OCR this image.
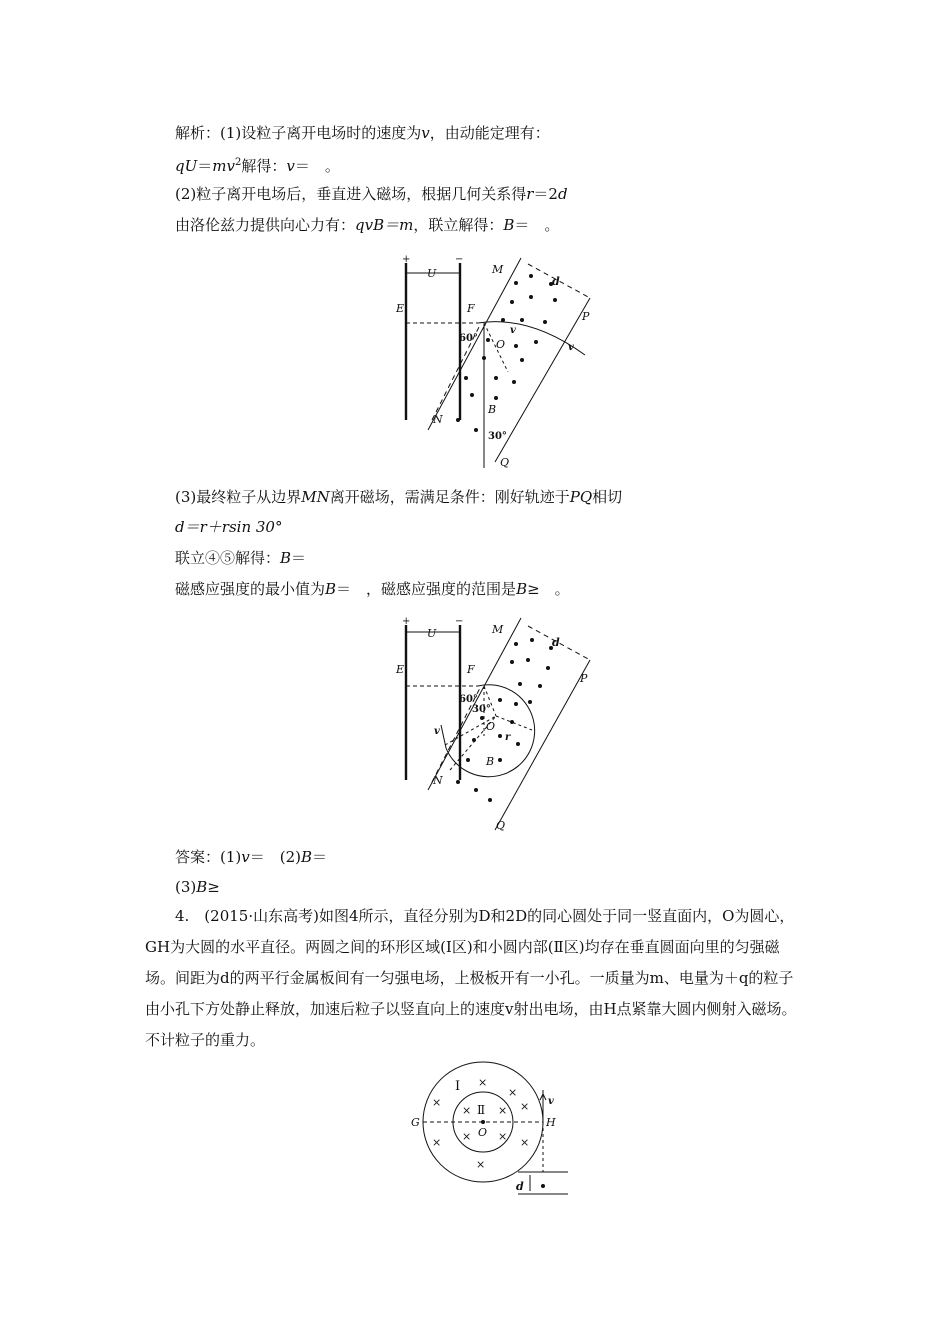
解析：(1)设粒子离开电场时的速度为v，由动能定理有：
$qU=mv^2$解得：v＝　。
(2)粒子离开电场后，垂直进入磁场，根据几何关系得r＝2d
由洛伦兹力提供向心力有：qvB＝m，联立解得：B＝　。
+	−
U	M
d
E	F
P
v
v
60° O
N
B
30°
Q
(3)最终粒子从边界MN离开磁场，需满足条件：刚好轨迹于PQ相切
d＝r＋rsin 30°
联立④⑤解得：B＝
磁感应强度的最小值为B＝　，磁感应强度的范围是B≥　。
+	−
U	M
d
E	F
P
60°
30°
O
r
v
N
B
Q
答案：(1)v＝　(2)B＝
(3)B≥
4.　(2015·山东高考)如图4所示，直径分别为D和2D的同心圆处于同一竖直面内，O为圆心，GH为大圆的水平直径。两圆之间的环形区域(Ⅰ区)和小圆内部(Ⅱ区)均存在垂直圆面向里的匀强磁场。间距为d的两平行金属板间有一匀强电场，上极板开有一小孔。一质量为m、电量为＋q的粒子由小孔下方处静止释放，加速后粒子以竖直向上的速度v射出电场，由H点紧靠大圆内侧射入磁场。不计粒子的重力。
×
×
×	×
× ×
× ×
×	×
×
Ⅰ
Ⅱ
G	H
O
v
d
